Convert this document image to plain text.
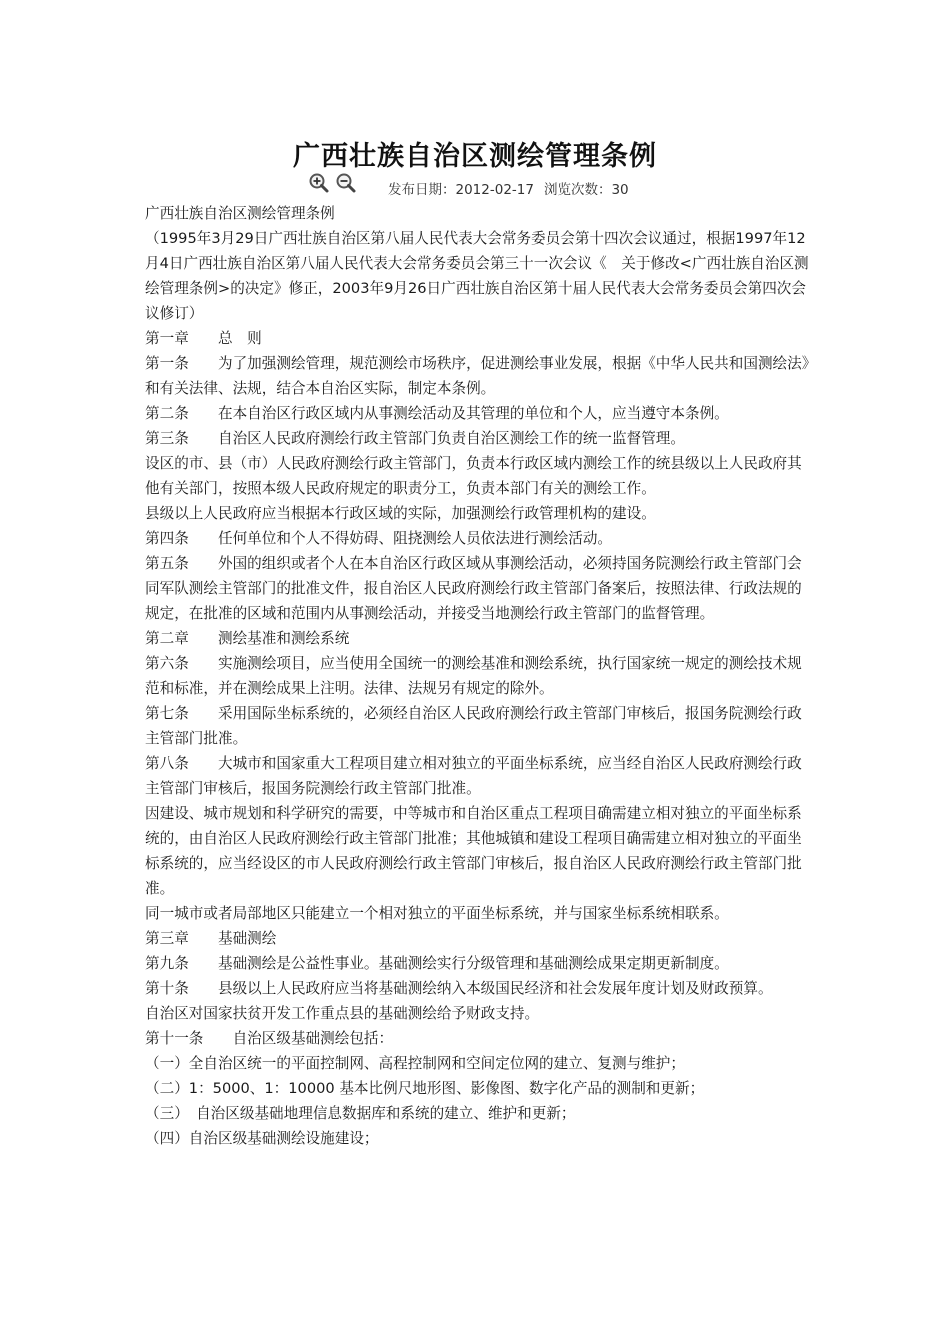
广西壮族自治区测绘管理条例
发布日期：2012-02-17 浏览次数：30

广西壮族自治区测绘管理条例

（1995年3月29日广西壮族自治区第八届人民代表大会常务委员会第十四次会议通过，根据1997年12月4日广西壮族自治区第八届人民代表大会常务委员会第三十一次会议《　关于修改<广西壮族自治区测绘管理条例>的决定》修正，2003年9月26日广西壮族自治区第十届人民代表大会常务委员会第四次会议修订）

第一章　　总　则

第一条　　为了加强测绘管理，规范测绘市场秩序，促进测绘事业发展，根据《中华人民共和国测绘法》和有关法律、法规，结合本自治区实际，制定本条例。

第二条　　在本自治区行政区域内从事测绘活动及其管理的单位和个人，应当遵守本条例。

第三条　　自治区人民政府测绘行政主管部门负责自治区测绘工作的统一监督管理。

设区的市、县（市）人民政府测绘行政主管部门，负责本行政区域内测绘工作的统县级以上人民政府其他有关部门，按照本级人民政府规定的职责分工，负责本部门有关的测绘工作。

县级以上人民政府应当根据本行政区域的实际，加强测绘行政管理机构的建设。

第四条　　任何单位和个人不得妨碍、阻挠测绘人员依法进行测绘活动。

第五条　　外国的组织或者个人在本自治区行政区域从事测绘活动，必须持国务院测绘行政主管部门会同军队测绘主管部门的批准文件，报自治区人民政府测绘行政主管部门备案后，按照法律、行政法规的规定，在批准的区域和范围内从事测绘活动，并接受当地测绘行政主管部门的监督管理。

第二章　　测绘基准和测绘系统

第六条　　实施测绘项目，应当使用全国统一的测绘基准和测绘系统，执行国家统一规定的测绘技术规范和标准，并在测绘成果上注明。法律、法规另有规定的除外。

第七条　　采用国际坐标系统的，必须经自治区人民政府测绘行政主管部门审核后，报国务院测绘行政主管部门批准。

第八条　　大城市和国家重大工程项目建立相对独立的平面坐标系统，应当经自治区人民政府测绘行政主管部门审核后，报国务院测绘行政主管部门批准。

因建设、城市规划和科学研究的需要，中等城市和自治区重点工程项目确需建立相对独立的平面坐标系统的，由自治区人民政府测绘行政主管部门批准；其他城镇和建设工程项目确需建立相对独立的平面坐标系统的，应当经设区的市人民政府测绘行政主管部门审核后，报自治区人民政府测绘行政主管部门批准。

同一城市或者局部地区只能建立一个相对独立的平面坐标系统，并与国家坐标系统相联系。

第三章　　基础测绘

第九条　　基础测绘是公益性事业。基础测绘实行分级管理和基础测绘成果定期更新制度。

第十条　　县级以上人民政府应当将基础测绘纳入本级国民经济和社会发展年度计划及财政预算。

自治区对国家扶贫开发工作重点县的基础测绘给予财政支持。

第十一条　　自治区级基础测绘包括：

（一）全自治区统一的平面控制网、高程控制网和空间定位网的建立、复测与维护；

（二）1：5000、1：10000 基本比例尺地形图、影像图、数字化产品的测制和更新；

（三）　自治区级基础地理信息数据库和系统的建立、维护和更新；

（四）自治区级基础测绘设施建设；
